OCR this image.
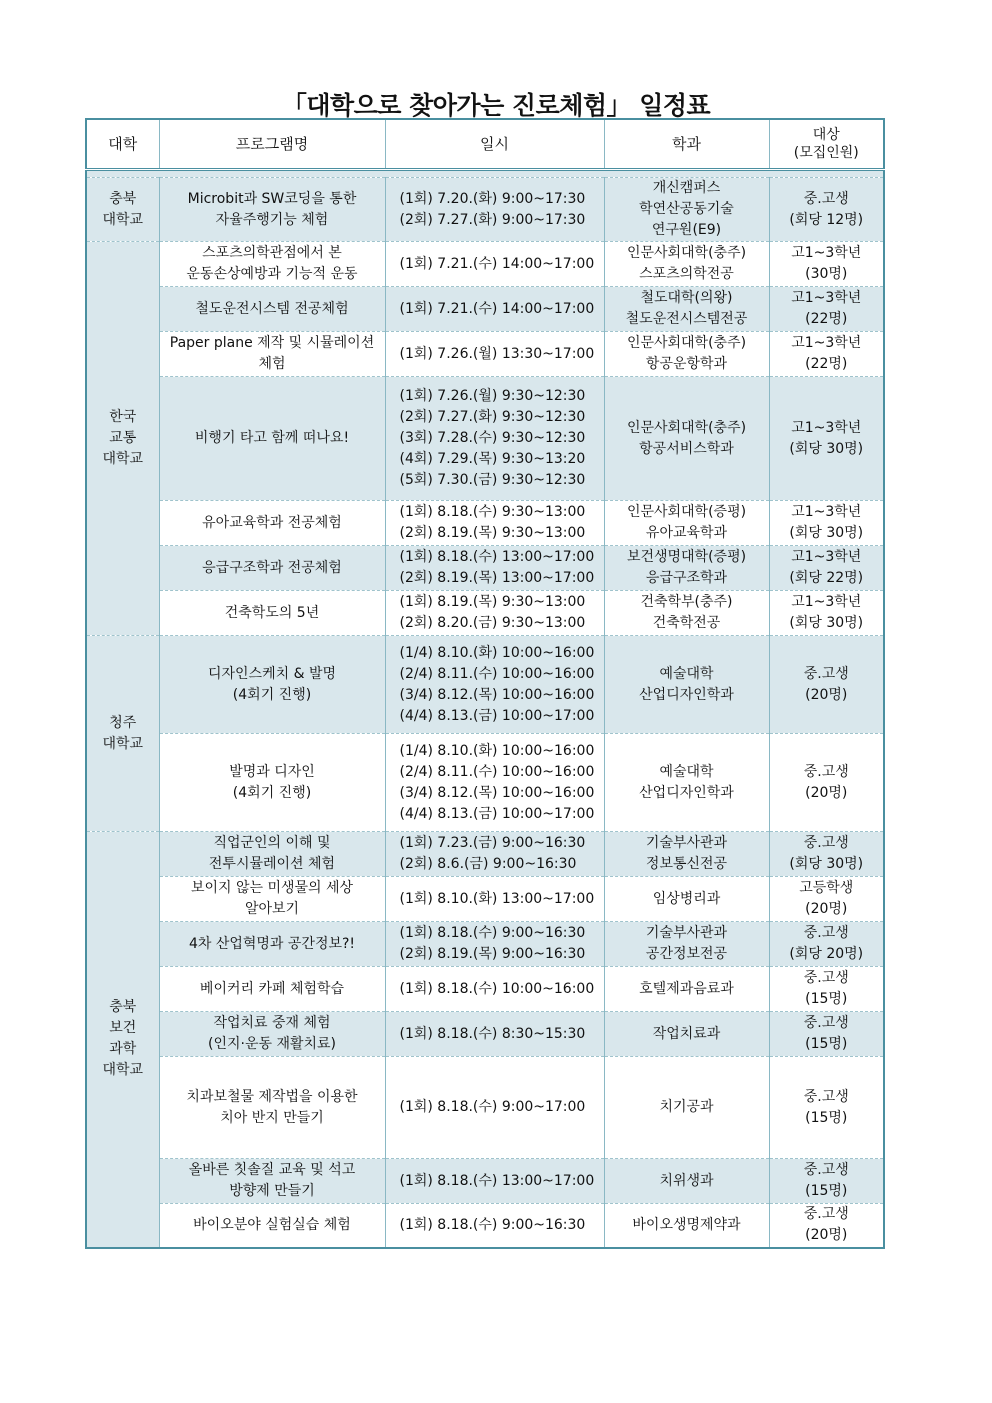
「대학으로 찾아가는 진로체험」 일정표
대학	프로그램명	일시	학과	대상
(모집인원)

충북
대학교	Microbit과 SW코딩을 통한
자율주행기능 체험	(1회) 7.20.(화) 9:00~17:30
(2회) 7.27.(화) 9:00~17:30	개신캠퍼스
학연산공동기술
연구원(E9)	중.고생
(회당 12명)
한국
교통
대학교	스포츠의학관점에서 본
운동손상예방과 기능적 운동	(1회) 7.21.(수) 14:00~17:00	인문사회대학(충주)
스포츠의학전공	고1~3학년
(30명)
	철도운전시스템 전공체험	(1회) 7.21.(수) 14:00~17:00	철도대학(의왕)
철도운전시스템전공	고1~3학년
(22명)
	Paper plane 제작 및 시뮬레이션
체험	(1회) 7.26.(월) 13:30~17:00	인문사회대학(충주)
항공운항학과	고1~3학년
(22명)
	비행기 타고 함께 떠나요!	(1회) 7.26.(월) 9:30~12:30
(2회) 7.27.(화) 9:30~12:30
(3회) 7.28.(수) 9:30~12:30
(4회) 7.29.(목) 9:30~13:20
(5회) 7.30.(금) 9:30~12:30	인문사회대학(충주)
항공서비스학과	고1~3학년
(회당 30명)
	유아교육학과 전공체험	(1회) 8.18.(수) 9:30~13:00
(2회) 8.19.(목) 9:30~13:00	인문사회대학(증평)
유아교육학과	고1~3학년
(회당 30명)
	응급구조학과 전공체험	(1회) 8.18.(수) 13:00~17:00
(2회) 8.19.(목) 13:00~17:00	보건생명대학(증평)
응급구조학과	고1~3학년
(회당 22명)
	건축학도의 5년	(1회) 8.19.(목) 9:30~13:00
(2회) 8.20.(금) 9:30~13:00	건축학부(충주)
건축학전공	고1~3학년
(회당 30명)
청주
대학교	디자인스케치 & 발명
(4회기 진행)	(1/4) 8.10.(화) 10:00~16:00
(2/4) 8.11.(수) 10:00~16:00
(3/4) 8.12.(목) 10:00~16:00
(4/4) 8.13.(금) 10:00~17:00	예술대학
산업디자인학과	중.고생
(20명)
	발명과 디자인
(4회기 진행)	(1/4) 8.10.(화) 10:00~16:00
(2/4) 8.11.(수) 10:00~16:00
(3/4) 8.12.(목) 10:00~16:00
(4/4) 8.13.(금) 10:00~17:00	예술대학
산업디자인학과	중.고생
(20명)
충북
보건
과학
대학교	직업군인의 이해 및
전투시뮬레이션 체험	(1회) 7.23.(금) 9:00~16:30
(2회) 8.6.(금) 9:00~16:30	기술부사관과
정보통신전공	중.고생
(회당 30명)
	보이지 않는 미생물의 세상
알아보기	(1회) 8.10.(화) 13:00~17:00	임상병리과	고등학생
(20명)
	4차 산업혁명과 공간정보?!	(1회) 8.18.(수) 9:00~16:30
(2회) 8.19.(목) 9:00~16:30	기술부사관과
공간정보전공	중.고생
(회당 20명)
	베이커리 카페 체험학습	(1회) 8.18.(수) 10:00~16:00	호텔제과음료과	중.고생
(15명)
	작업치료 중재 체험
(인지·운동 재활치료)	(1회) 8.18.(수) 8:30~15:30	작업치료과	중.고생
(15명)
	치과보철물 제작법을 이용한
치아 반지 만들기	(1회) 8.18.(수) 9:00~17:00	치기공과	중.고생
(15명)
	올바른 칫솔질 교육 및 석고
방향제 만들기	(1회) 8.18.(수) 13:00~17:00	치위생과	중.고생
(15명)
	바이오분야 실험실습 체험	(1회) 8.18.(수) 9:00~16:30	바이오생명제약과	중.고생
(20명)
